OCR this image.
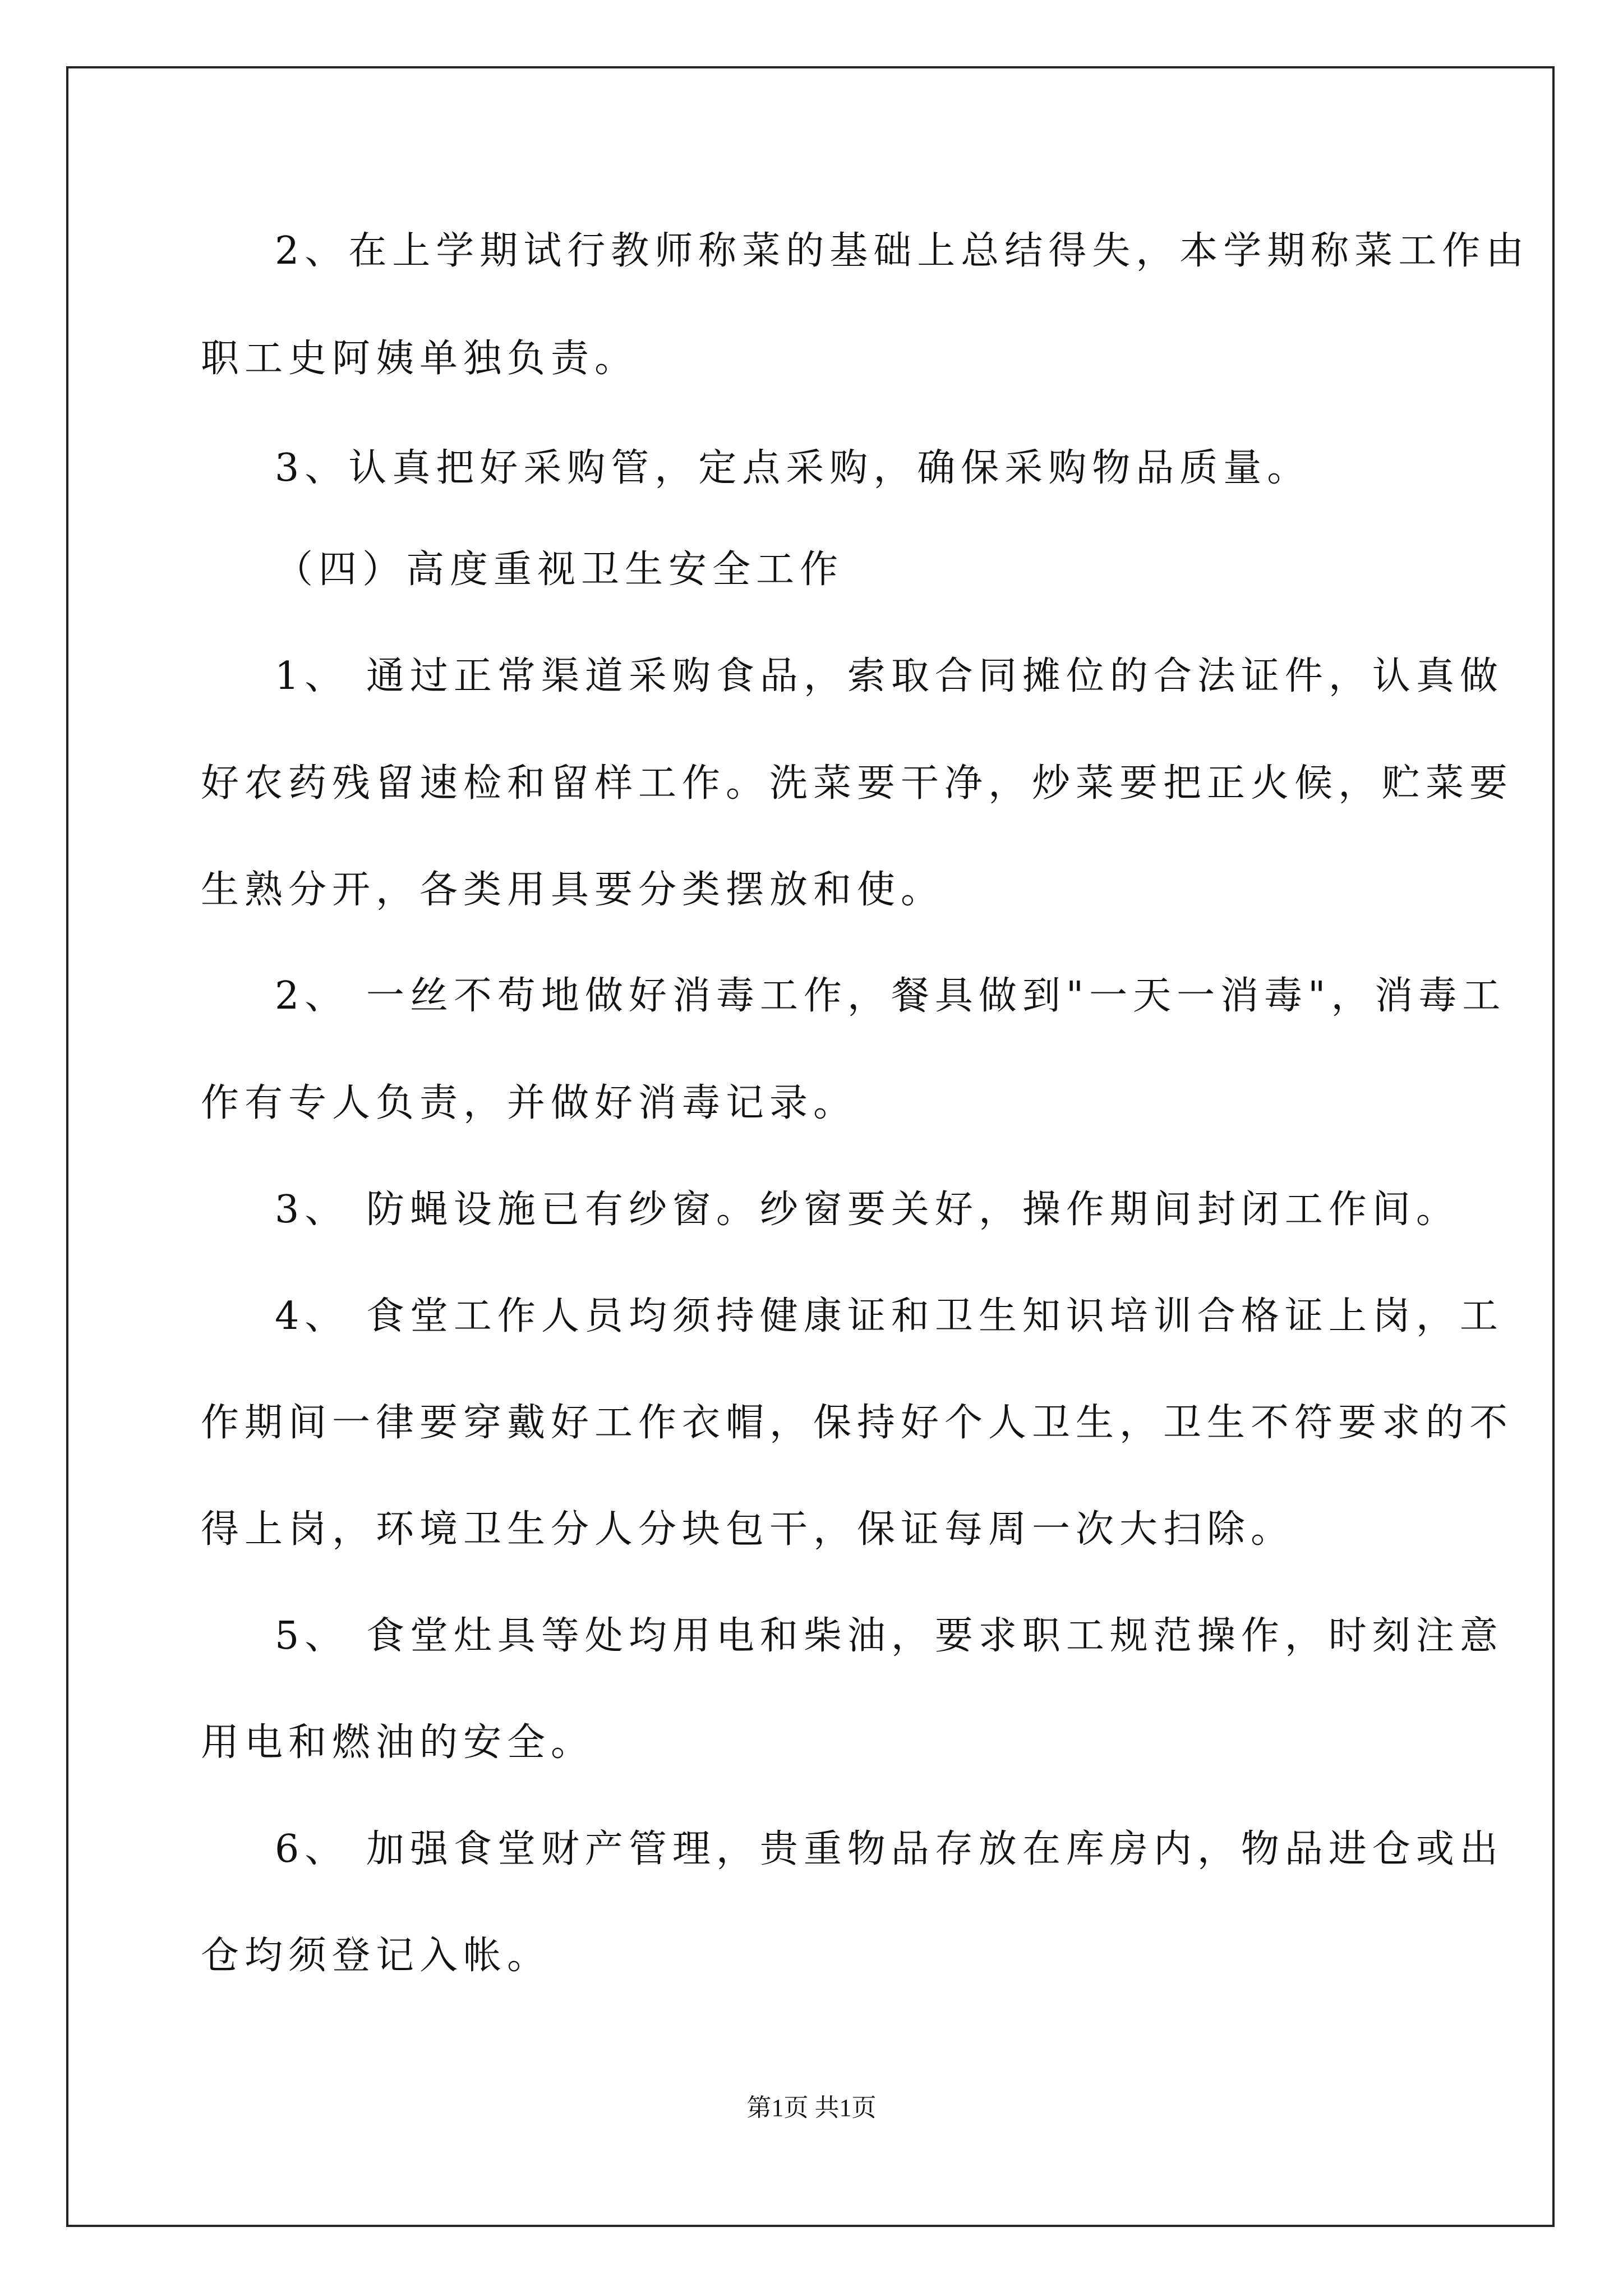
2、在上学期试行教师称菜的基础上总结得失，本学期称菜工作由
职工史阿姨单独负责。
3、认真把好采购管，定点采购，确保采购物品质量。
（四）高度重视卫生安全工作
1、 通过正常渠道采购食品，索取合同摊位的合法证件，认真做
好农药残留速检和留样工作。洗菜要干净，炒菜要把正火候，贮菜要
生熟分开，各类用具要分类摆放和使。
2、 一丝不苟地做好消毒工作，餐具做到"一天一消毒"，消毒工
作有专人负责，并做好消毒记录。
3、 防蝇设施已有纱窗。纱窗要关好，操作期间封闭工作间。
4、 食堂工作人员均须持健康证和卫生知识培训合格证上岗，工
作期间一律要穿戴好工作衣帽，保持好个人卫生，卫生不符要求的不
得上岗，环境卫生分人分块包干，保证每周一次大扫除。
5、 食堂灶具等处均用电和柴油，要求职工规范操作，时刻注意
用电和燃油的安全。
6、 加强食堂财产管理，贵重物品存放在库房内，物品进仓或出
仓均须登记入帐。
第1页 共1页
